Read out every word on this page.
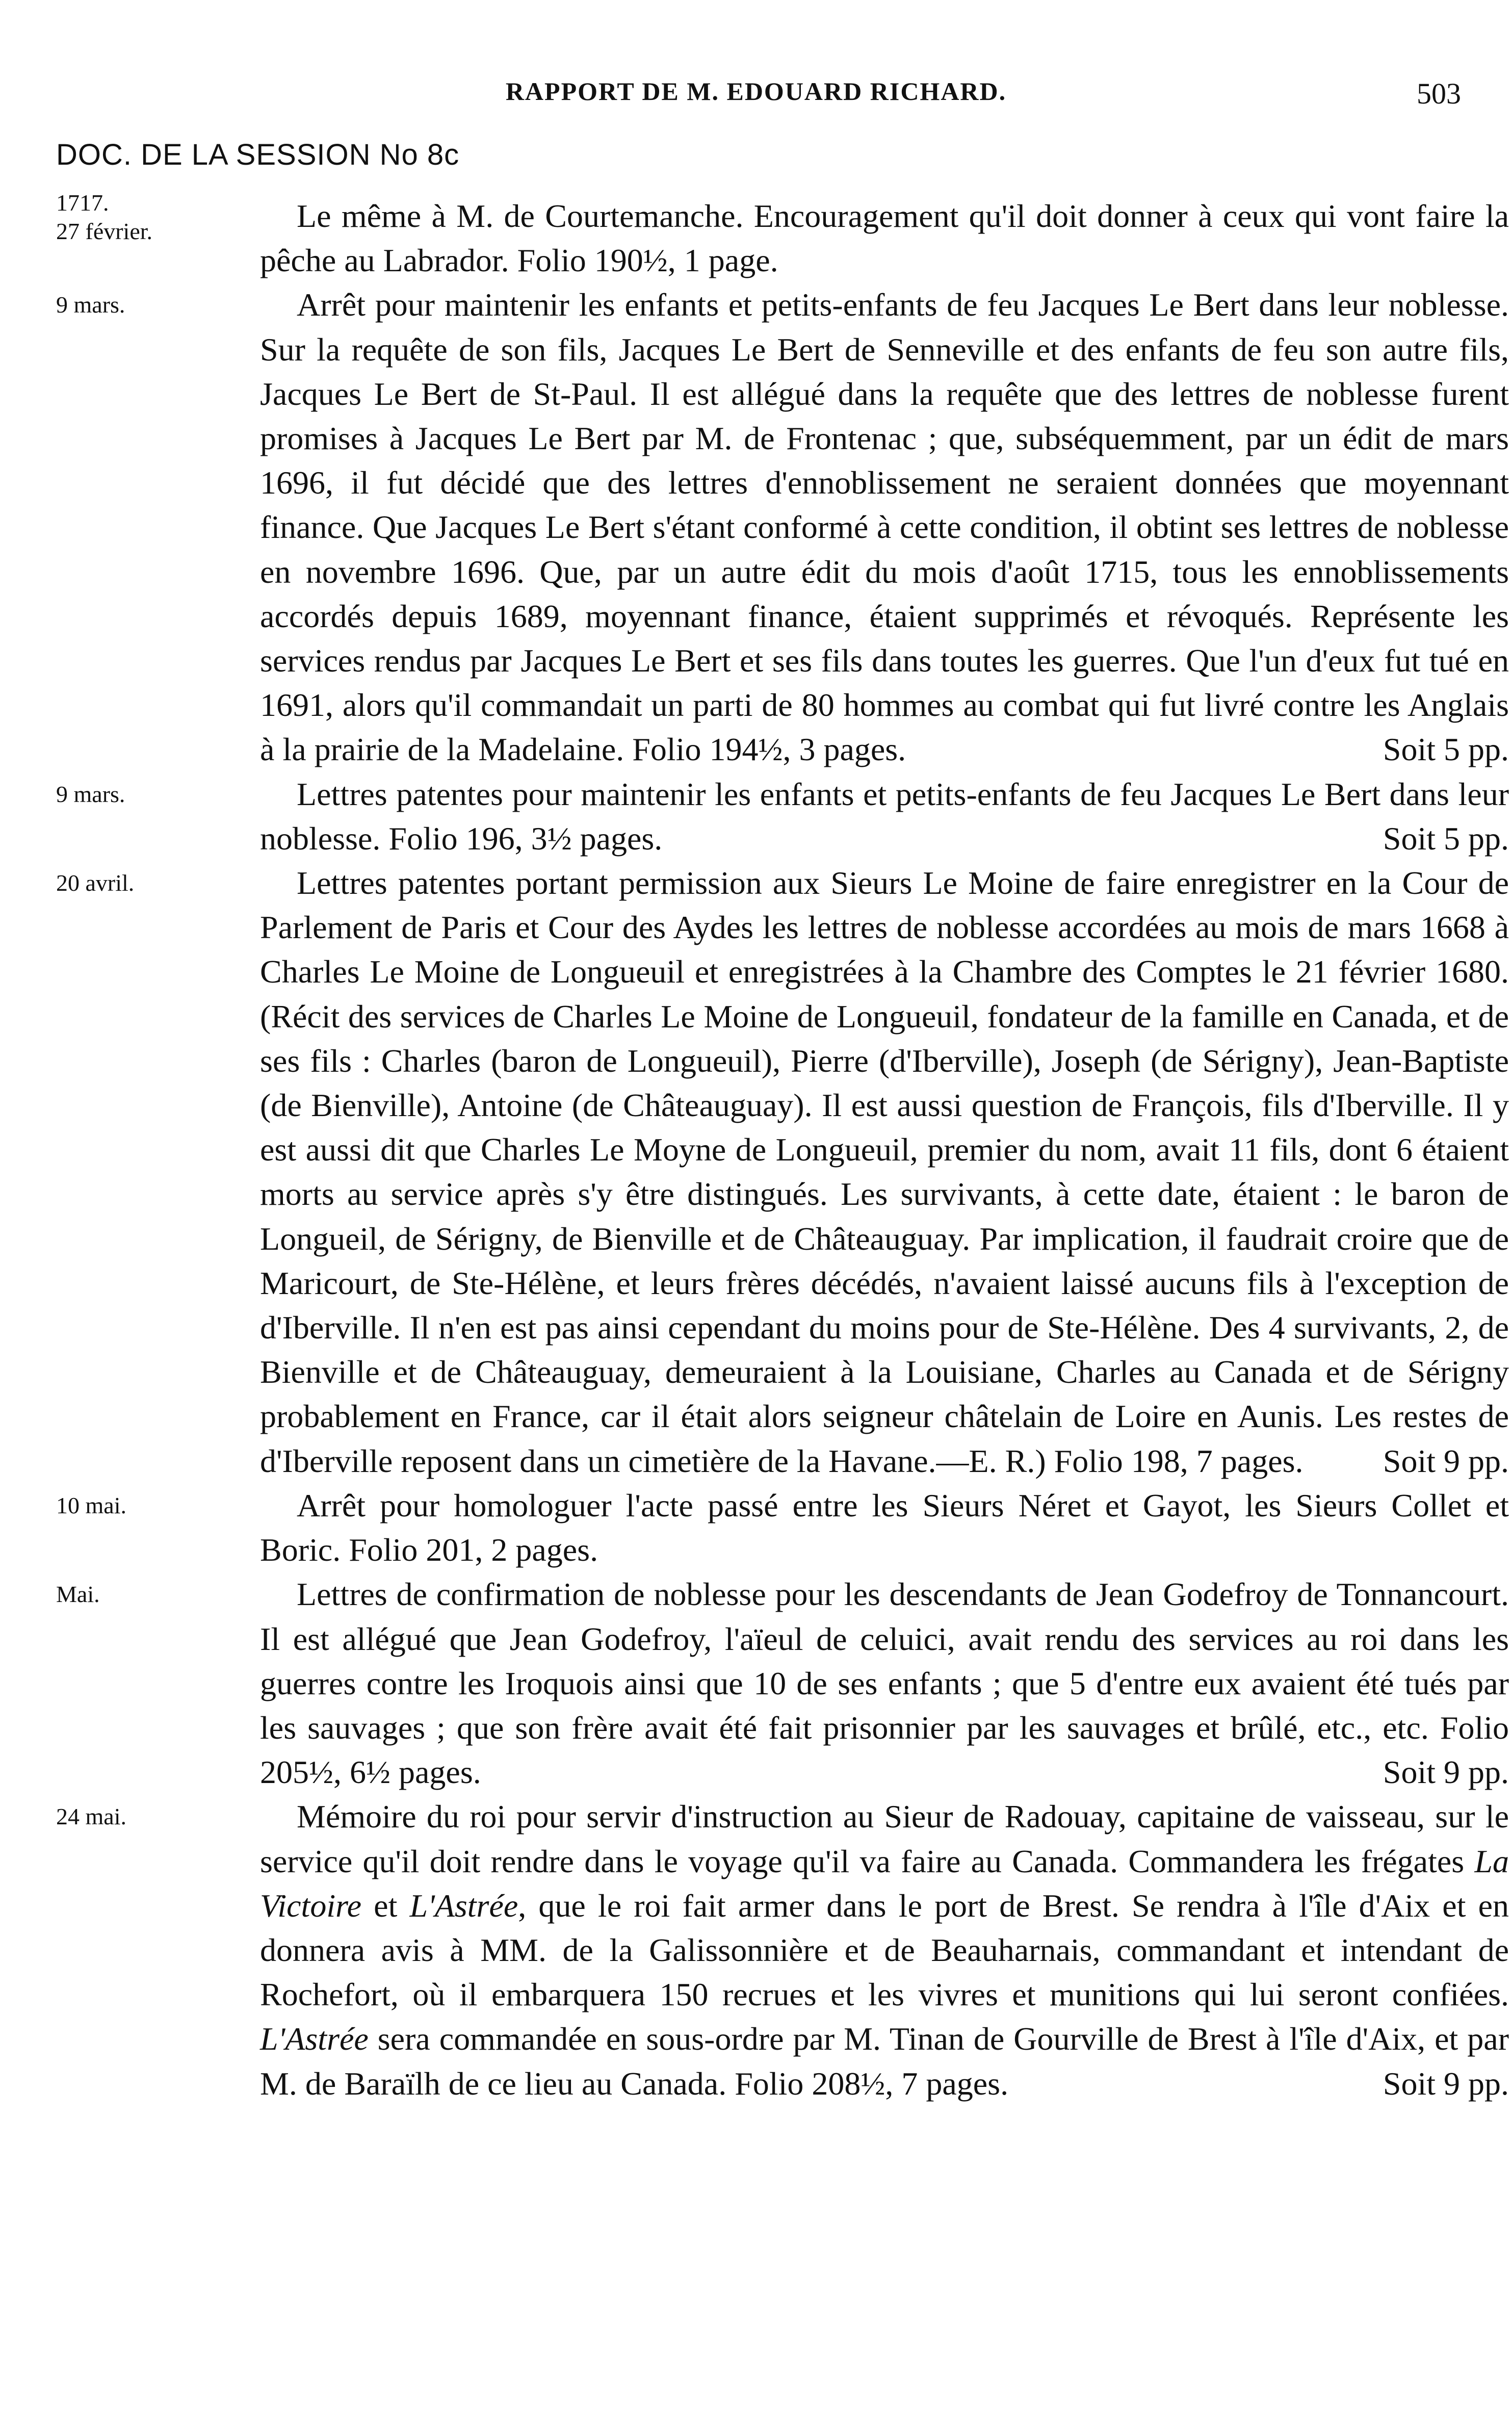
RAPPORT DE M. EDOUARD RICHARD.	503
DOC. DE LA SESSION No 8c
1717.
27 février.	Le même à M. de Courtemanche. Encouragement qu'il doit donner à ceux qui vont faire la pêche au Labrador. Folio 190½, 1 page.
9 mars.	Arrêt pour maintenir les enfants et petits-enfants de feu Jacques Le Bert dans leur noblesse. Sur la requête de son fils, Jacques Le Bert de Senneville et des enfants de feu son autre fils, Jacques Le Bert de St-Paul. Il est allégué dans la requête que des lettres de noblesse furent promises à Jacques Le Bert par M. de Frontenac ; que, subséquemment, par un édit de mars 1696, il fut décidé que des lettres d'ennoblissement ne seraient données que moyennant finance. Que Jacques Le Bert s'étant conformé à cette condition, il obtint ses lettres de noblesse en novembre 1696. Que, par un autre édit du mois d'août 1715, tous les ennoblissements accordés depuis 1689, moyennant finance, étaient supprimés et révoqués. Représente les services rendus par Jacques Le Bert et ses fils dans toutes les guerres. Que l'un d'eux fut tué en 1691, alors qu'il commandait un parti de 80 hommes au combat qui fut livré contre les Anglais à la prairie de la Madelaine. Folio 194½, 3 pages.	Soit 5 pp.
9 mars.	Lettres patentes pour maintenir les enfants et petits-enfants de feu Jacques Le Bert dans leur noblesse. Folio 196, 3½ pages.	Soit 5 pp.
20 avril.	Lettres patentes portant permission aux Sieurs Le Moine de faire enregistrer en la Cour de Parlement de Paris et Cour des Aydes les lettres de noblesse accordées au mois de mars 1668 à Charles Le Moine de Longueuil et enregistrées à la Chambre des Comptes le 21 février 1680. (Récit des services de Charles Le Moine de Longueuil, fondateur de la famille en Canada, et de ses fils : Charles (baron de Longueuil), Pierre (d'Iberville), Joseph (de Sérigny), Jean-Baptiste (de Bienville), Antoine (de Châteauguay). Il est aussi question de François, fils d'Iberville. Il y est aussi dit que Charles Le Moyne de Longueuil, premier du nom, avait 11 fils, dont 6 étaient morts au service après s'y être distingués. Les survivants, à cette date, étaient : le baron de Longueil, de Sérigny, de Bienville et de Châteauguay. Par implication, il faudrait croire que de Maricourt, de Ste-Hélène, et leurs frères décédés, n'avaient laissé aucuns fils à l'exception de d'Iberville. Il n'en est pas ainsi cependant du moins pour de Ste-Hélène. Des 4 survivants, 2, de Bienville et de Châteauguay, demeuraient à la Louisiane, Charles au Canada et de Sérigny probablement en France, car il était alors seigneur châtelain de Loire en Aunis. Les restes de d'Iberville reposent dans un cimetière de la Havane.—E. R.) Folio 198, 7 pages.	Soit 9 pp.
10 mai.	Arrêt pour homologuer l'acte passé entre les Sieurs Néret et Gayot, les Sieurs Collet et Boric. Folio 201, 2 pages.
Mai.	Lettres de confirmation de noblesse pour les descendants de Jean Godefroy de Tonnancourt. Il est allégué que Jean Godefroy, l'aïeul de celuici, avait rendu des services au roi dans les guerres contre les Iroquois ainsi que 10 de ses enfants ; que 5 d'entre eux avaient été tués par les sauvages ; que son frère avait été fait prisonnier par les sauvages et brûlé, etc., etc. Folio 205½, 6½ pages.	Soit 9 pp.
24 mai.	Mémoire du roi pour servir d'instruction au Sieur de Radouay, capitaine de vaisseau, sur le service qu'il doit rendre dans le voyage qu'il va faire au Canada. Commandera les frégates La Victoire et L'Astrée, que le roi fait armer dans le port de Brest. Se rendra à l'île d'Aix et en donnera avis à MM. de la Galissonnière et de Beauharnais, commandant et intendant de Rochefort, où il embarquera 150 recrues et les vivres et munitions qui lui seront confiées. L'Astrée sera commandée en sous-ordre par M. Tinan de Gourville de Brest à l'île d'Aix, et par M. de Baraïlh de ce lieu au Canada. Folio 208½, 7 pages.	Soit 9 pp.
